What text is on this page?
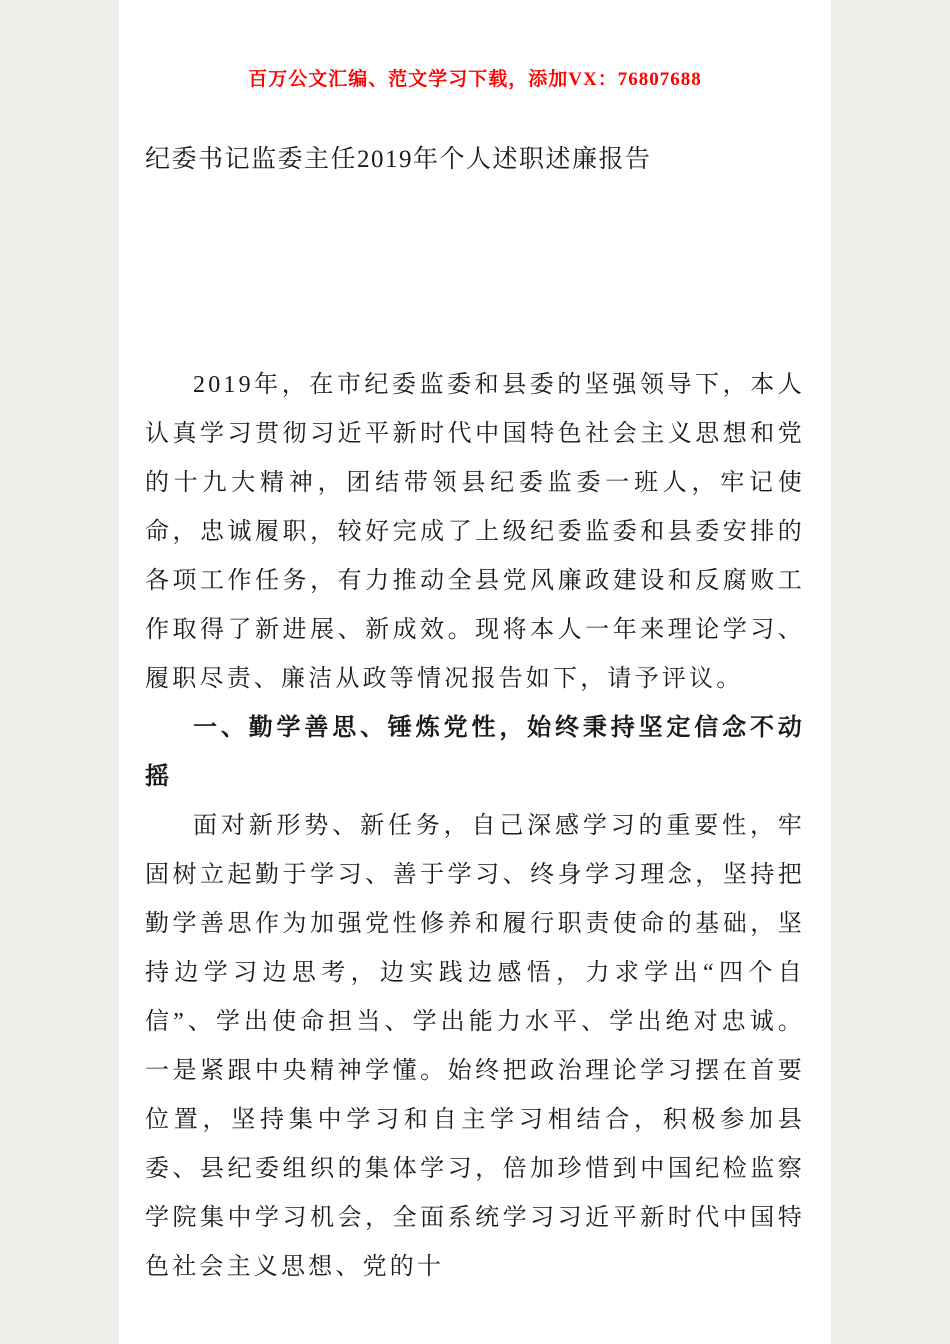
百万公文汇编、范文学习下载，添加VX：76807688
纪委书记监委主任2019年个人述职述廉报告

2019年，在市纪委监委和县委的坚强领导下，本人认真学习贯彻习近平新时代中国特色社会主义思想和党的十九大精神，团结带领县纪委监委一班人，牢记使命，忠诚履职，较好完成了上级纪委监委和县委安排的各项工作任务，有力推动全县党风廉政建设和反腐败工作取得了新进展、新成效。现将本人一年来理论学习、履职尽责、廉洁从政等情况报告如下，请予评议。

一、勤学善思、锤炼党性，始终秉持坚定信念不动摇

面对新形势、新任务，自己深感学习的重要性，牢固树立起勤于学习、善于学习、终身学习理念，坚持把勤学善思作为加强党性修养和履行职责使命的基础，坚持边学习边思考，边实践边感悟，力求学出“四个自信”、学出使命担当、学出能力水平、学出绝对忠诚。一是紧跟中央精神学懂。始终把政治理论学习摆在首要位置，坚持集中学习和自主学习相结合，积极参加县委、县纪委组织的集体学习，倍加珍惜到中国纪检监察学院集中学习机会，全面系统学习习近平新时代中国特色社会主义思想、党的十
